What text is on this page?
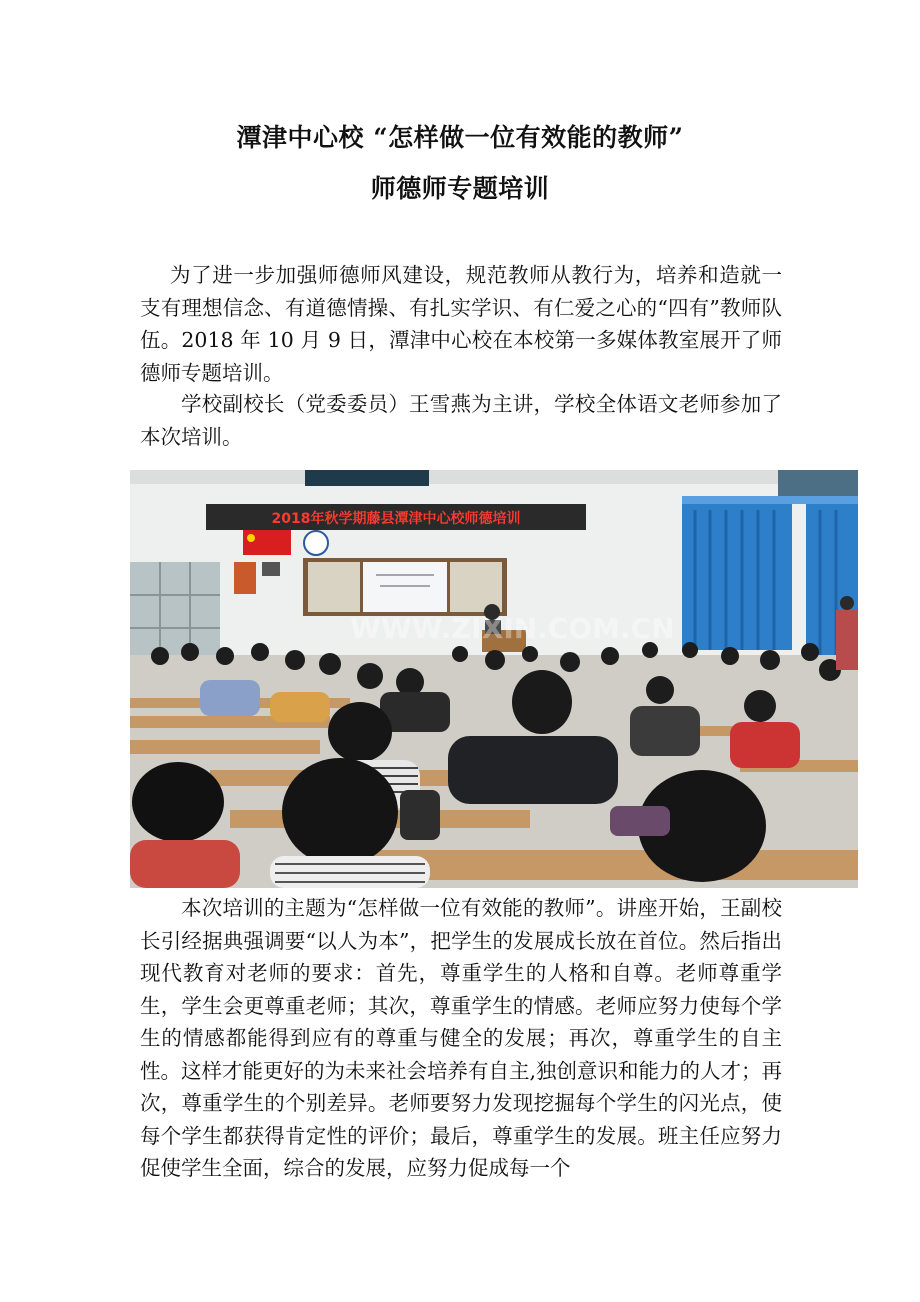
潭津中心校 “怎样做一位有效能的教师”
师德师专题培训
为了进一步加强师德师风建设，规范教师从教行为，培养和造就一支有理想信念、有道德情操、有扎实学识、有仁爱之心的“四有”教师队伍。2018 年 10 月 9 日，潭津中心校在本校第一多媒体教室展开了师德师专题培训。
学校副校长（党委委员）王雪燕为主讲，学校全体语文老师参加了本次培训。
2018年秋学期藤县潭津中心校师德培训
WWW.ZIXIN.COM.CN
本次培训的主题为“怎样做一位有效能的教师”。讲座开始，王副校长引经据典强调要“以人为本”，把学生的发展成长放在首位。然后指出现代教育对老师的要求：首先，尊重学生的人格和自尊。老师尊重学生，学生会更尊重老师；其次，尊重学生的情感。老师应努力使每个学生的情感都能得到应有的尊重与健全的发展；再次，尊重学生的自主性。这样才能更好的为未来社会培养有自主,独创意识和能力的人才；再次，尊重学生的个别差异。老师要努力发现挖掘每个学生的闪光点，使每个学生都获得肯定性的评价；最后，尊重学生的发展。班主任应努力促使学生全面，综合的发展，应努力促成每一个
